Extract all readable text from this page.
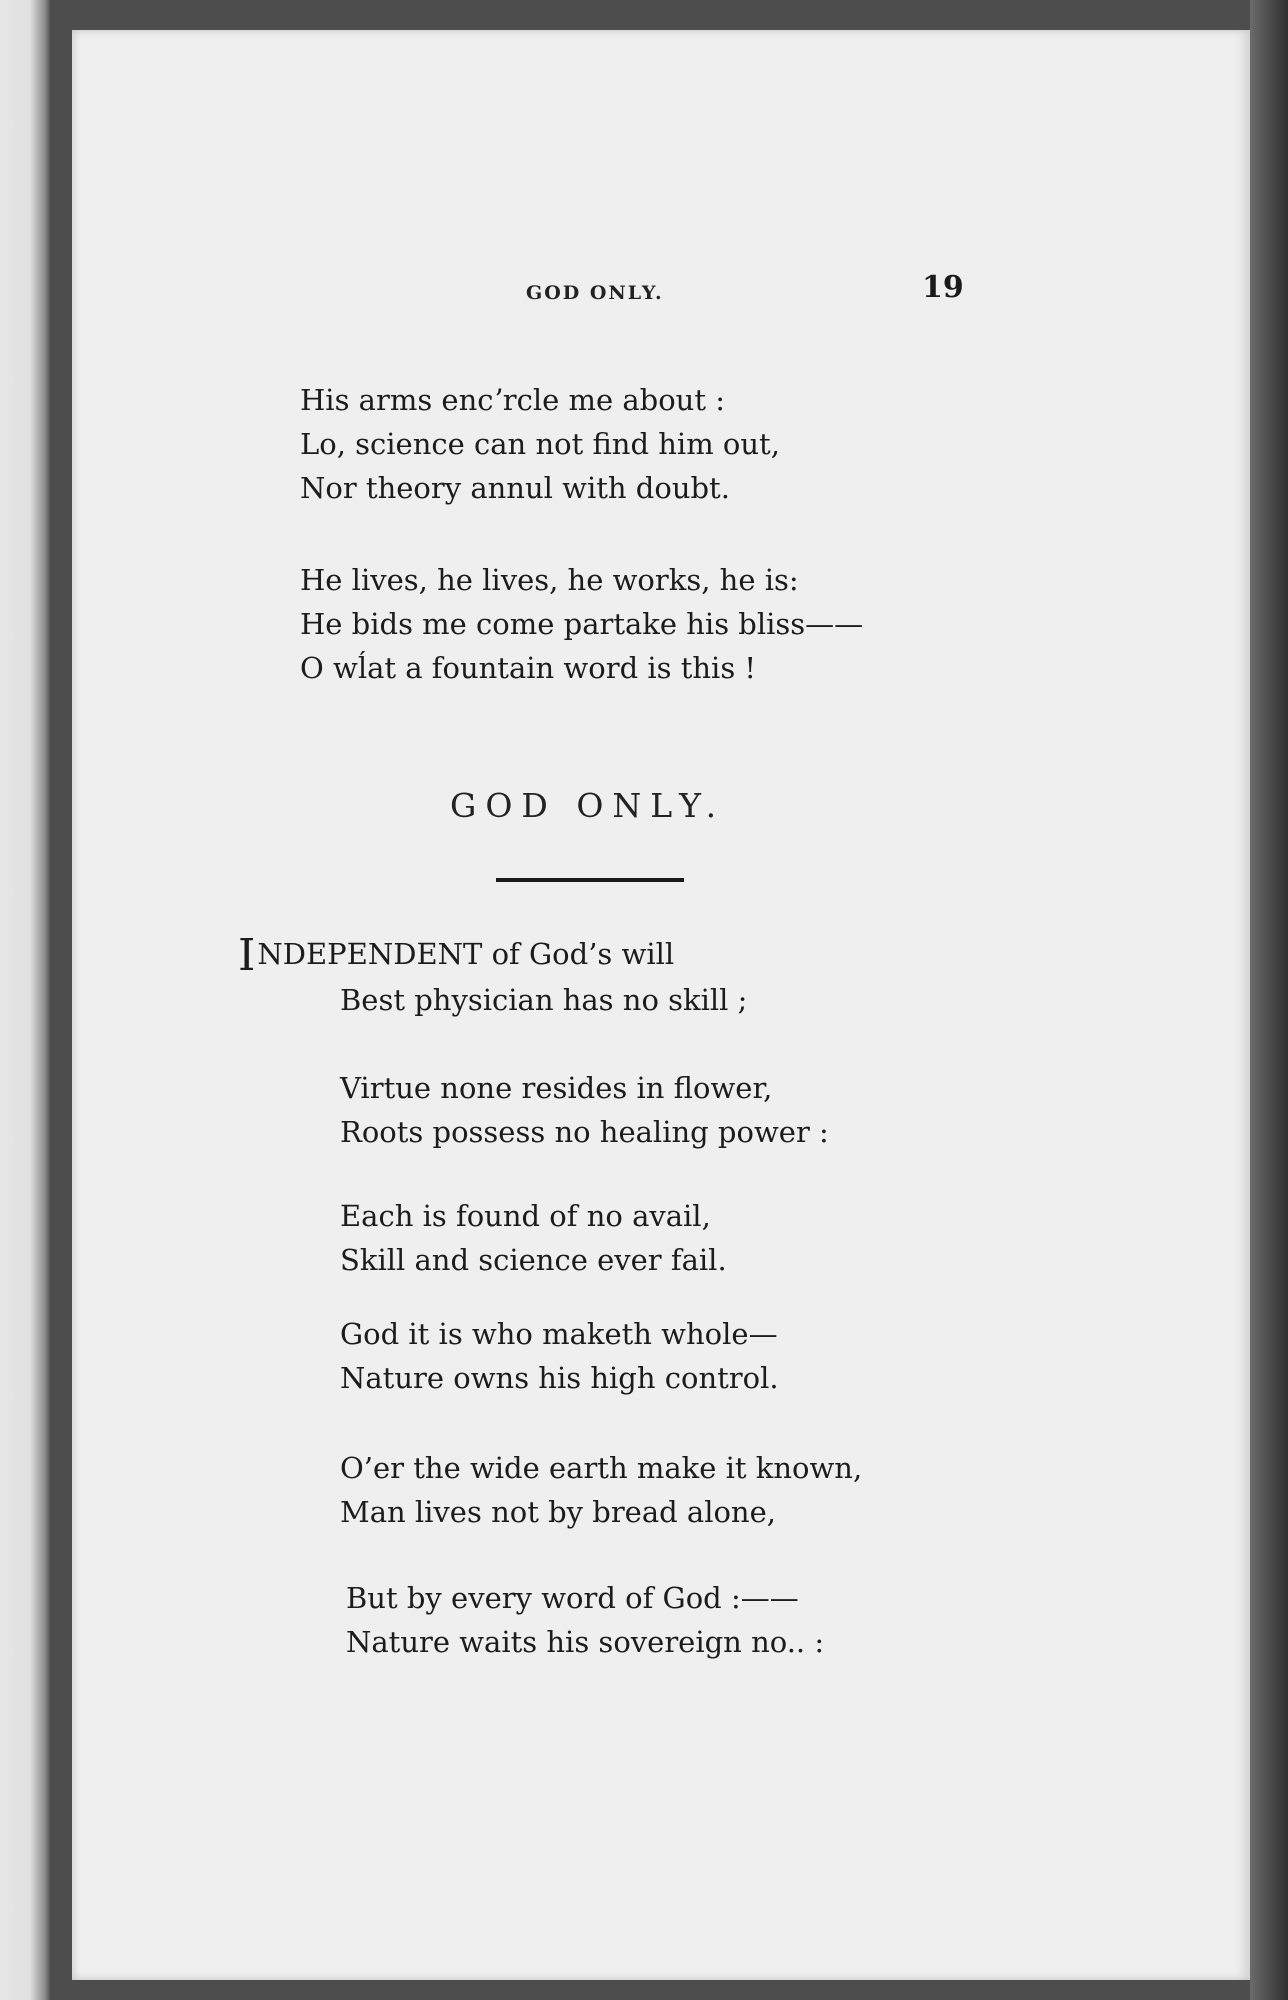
GOD ONLY.	19
His arms encʼrcle me about :
Lo, science can not find him out,
Nor theory annul with doubt.
He lives, he lives, he works, he is:
He bids me come partake his bliss——
O wĺat a fountain word is this !
GOD ONLY.
INDEPENDENT of God’s will
Best physician has no skill ;
Virtue none resides in flower,
Roots possess no healing power :
Each is found of no avail,
Skill and science ever fail.
God it is who maketh whole—
Nature owns his high control.
O’er the wide earth make it known,
Man lives not by bread alone,
But by every word of God :——
Nature waits his sovereign no.. :
